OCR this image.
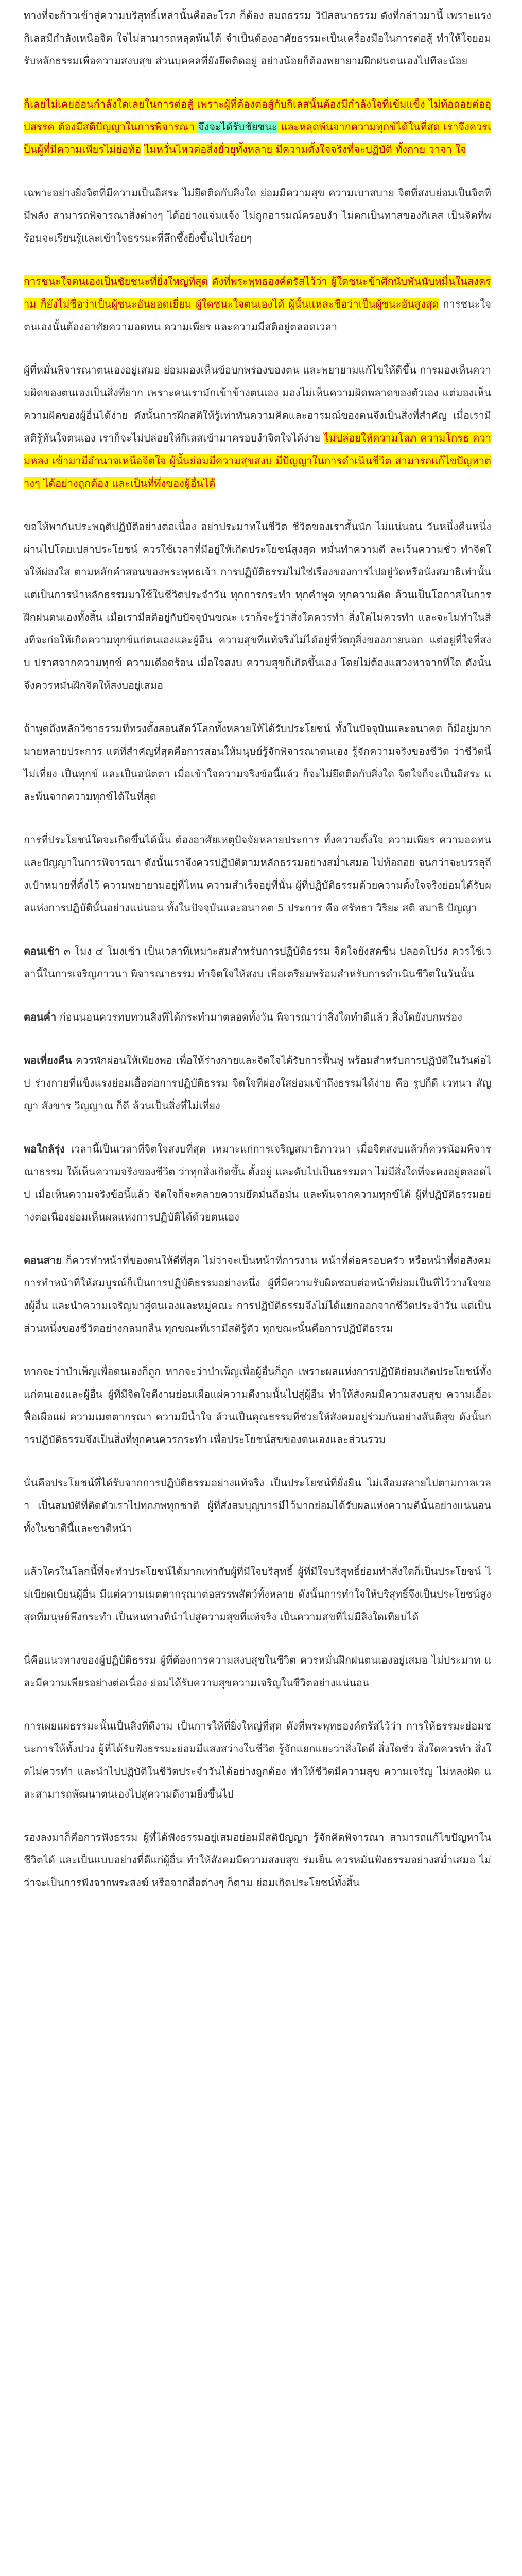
ทางที่จะก้าวเข้าสู่ความบริสุทธิ์เหล่านั้นคือละโรภ ก็ต้อง สมถธรรม วิปัสสนาธรรม ดังที่กล่าวมานี้ เพราะแรงกิเลสมีกำลังเหนือจิต ใจไม่สามารถหลุดพ้นได้ จำเป็นต้องอาศัยธรรมะเป็นเครื่องมือในการต่อสู้ ทำให้ใจยอมรับหลักธรรมเพื่อความสงบสุข ส่วนบุคคลที่ยังยึดติดอยู่ อย่างน้อยก็ต้องพยายามฝึกฝนตนเองไปทีละน้อย

ก็เลยไม่เคยอ่อนกำลังใดเลยในการต่อสู้ เพราะผู้ที่ต้องต่อสู้กับกิเลสนั้นต้องมีกำลังใจที่เข้มแข็ง ไม่ท้อถอยต่ออุปสรรค ต้องมีสติปัญญาในการพิจารณา จึงจะได้รับชัยชนะ และหลุดพ้นจากความทุกข์ได้ในที่สุด เราจึงควรเป็นผู้ที่มีความเพียรไม่ย่อท้อ ไม่หวั่นไหวต่อสิ่งยั่วยุทั้งหลาย มีความตั้งใจจริงที่จะปฏิบัติ ทั้งกาย วาจา ใจ

เฉพาะอย่างยิ่งจิตที่มีความเป็นอิสระ ไม่ยึดติดกับสิ่งใด ย่อมมีความสุข ความเบาสบาย จิตที่สงบย่อมเป็นจิตที่มีพลัง สามารถพิจารณาสิ่งต่างๆ ได้อย่างแจ่มแจ้ง ไม่ถูกอารมณ์ครอบงำ ไม่ตกเป็นทาสของกิเลส เป็นจิตที่พร้อมจะเรียนรู้และเข้าใจธรรมะที่ลึกซึ้งยิ่งขึ้นไปเรื่อยๆ

การชนะใจตนเองเป็นชัยชนะที่ยิ่งใหญ่ที่สุด ดังที่พระพุทธองค์ตรัสไว้ว่า ผู้ใดชนะข้าศึกนับพันนับหมื่นในสงคราม ก็ยังไม่ชื่อว่าเป็นผู้ชนะอันยอดเยี่ยม ผู้ใดชนะใจตนเองได้ ผู้นั้นแหละชื่อว่าเป็นผู้ชนะอันสูงสุด การชนะใจตนเองนั้นต้องอาศัยความอดทน ความเพียร และความมีสติอยู่ตลอดเวลา

ผู้ที่หมั่นพิจารณาตนเองอยู่เสมอ ย่อมมองเห็นข้อบกพร่องของตน และพยายามแก้ไขให้ดีขึ้น การมองเห็นความผิดของตนเองเป็นสิ่งที่ยาก เพราะคนเรามักเข้าข้างตนเอง มองไม่เห็นความผิดพลาดของตัวเอง แต่มองเห็นความผิดของผู้อื่นได้ง่าย ดังนั้นการฝึกสติให้รู้เท่าทันความคิดและอารมณ์ของตนจึงเป็นสิ่งที่สำคัญ เมื่อเรามีสติรู้ทันใจตนเอง เราก็จะไม่ปล่อยให้กิเลสเข้ามาครอบงำจิตใจได้ง่าย ไม่ปล่อยให้ความโลภ ความโกรธ ความหลง เข้ามามีอำนาจเหนือจิตใจ ผู้นั้นย่อมมีความสุขสงบ มีปัญญาในการดำเนินชีวิต สามารถแก้ไขปัญหาต่างๆ ได้อย่างถูกต้อง และเป็นที่พึ่งของผู้อื่นได้

ขอให้พากันประพฤติปฏิบัติอย่างต่อเนื่อง อย่าประมาทในชีวิต ชีวิตของเราสั้นนัก ไม่แน่นอน วันหนึ่งคืนหนึ่งผ่านไปโดยเปล่าประโยชน์ ควรใช้เวลาที่มีอยู่ให้เกิดประโยชน์สูงสุด หมั่นทำความดี ละเว้นความชั่ว ทำจิตใจให้ผ่องใส ตามหลักคำสอนของพระพุทธเจ้า การปฏิบัติธรรมไม่ใช่เรื่องของการไปอยู่วัดหรือนั่งสมาธิเท่านั้น แต่เป็นการนำหลักธรรมมาใช้ในชีวิตประจำวัน ทุกการกระทำ ทุกคำพูด ทุกความคิด ล้วนเป็นโอกาสในการฝึกฝนตนเองทั้งสิ้น เมื่อเรามีสติอยู่กับปัจจุบันขณะ เราก็จะรู้ว่าสิ่งใดควรทำ สิ่งใดไม่ควรทำ และจะไม่ทำในสิ่งที่จะก่อให้เกิดความทุกข์แก่ตนเองและผู้อื่น ความสุขที่แท้จริงไม่ได้อยู่ที่วัตถุสิ่งของภายนอก แต่อยู่ที่ใจที่สงบ ปราศจากความทุกข์ ความเดือดร้อน เมื่อใจสงบ ความสุขก็เกิดขึ้นเอง โดยไม่ต้องแสวงหาจากที่ใด ดังนั้นจึงควรหมั่นฝึกจิตให้สงบอยู่เสมอ

ถ้าพูดถึงหลักวิชาธรรมที่ทรงตั้งสอนสัตว์โลกทั้งหลายให้ได้รับประโยชน์ ทั้งในปัจจุบันและอนาคต ก็มีอยู่มากมายหลายประการ แต่ที่สำคัญที่สุดคือการสอนให้มนุษย์รู้จักพิจารณาตนเอง รู้จักความจริงของชีวิต ว่าชีวิตนี้ไม่เที่ยง เป็นทุกข์ และเป็นอนัตตา เมื่อเข้าใจความจริงข้อนี้แล้ว ก็จะไม่ยึดติดกับสิ่งใด จิตใจก็จะเป็นอิสระ และพ้นจากความทุกข์ได้ในที่สุด

การที่ประโยชน์ใดจะเกิดขึ้นได้นั้น ต้องอาศัยเหตุปัจจัยหลายประการ ทั้งความตั้งใจ ความเพียร ความอดทน และปัญญาในการพิจารณา ดังนั้นเราจึงควรปฏิบัติตามหลักธรรมอย่างสม่ำเสมอ ไม่ท้อถอย จนกว่าจะบรรลุถึงเป้าหมายที่ตั้งไว้ ความพยายามอยู่ที่ไหน ความสำเร็จอยู่ที่นั่น ผู้ที่ปฏิบัติธรรมด้วยความตั้งใจจริงย่อมได้รับผลแห่งการปฏิบัตินั้นอย่างแน่นอน ทั้งในปัจจุบันและอนาคต 5 ประการ คือ ศรัทธา วิริยะ สติ สมาธิ ปัญญา

ตอนเช้า ๓ โมง ๔ โมงเช้า เป็นเวลาที่เหมาะสมสำหรับการปฏิบัติธรรม จิตใจยังสดชื่น ปลอดโปร่ง ควรใช้เวลานี้ในการเจริญภาวนา พิจารณาธรรม ทำจิตใจให้สงบ เพื่อเตรียมพร้อมสำหรับการดำเนินชีวิตในวันนั้น

ตอนค่ำ ก่อนนอนควรทบทวนสิ่งที่ได้กระทำมาตลอดทั้งวัน พิจารณาว่าสิ่งใดทำดีแล้ว สิ่งใดยังบกพร่อง

พอเที่ยงคืน ควรพักผ่อนให้เพียงพอ เพื่อให้ร่างกายและจิตใจได้รับการฟื้นฟู พร้อมสำหรับการปฏิบัติในวันต่อไป ร่างกายที่แข็งแรงย่อมเอื้อต่อการปฏิบัติธรรม จิตใจที่ผ่องใสย่อมเข้าถึงธรรมได้ง่าย คือ รูปก็ดี เวทนา สัญญา สังขาร วิญญาณ ก็ดี ล้วนเป็นสิ่งที่ไม่เที่ยง

พอใกล้รุ่ง เวลานี้เป็นเวลาที่จิตใจสงบที่สุด เหมาะแก่การเจริญสมาธิภาวนา เมื่อจิตสงบแล้วก็ควรน้อมพิจารณาธรรม ให้เห็นความจริงของชีวิต ว่าทุกสิ่งเกิดขึ้น ตั้งอยู่ และดับไปเป็นธรรมดา ไม่มีสิ่งใดที่จะคงอยู่ตลอดไป เมื่อเห็นความจริงข้อนี้แล้ว จิตใจก็จะคลายความยึดมั่นถือมั่น และพ้นจากความทุกข์ได้ ผู้ที่ปฏิบัติธรรมอย่างต่อเนื่องย่อมเห็นผลแห่งการปฏิบัติได้ด้วยตนเอง

ตอนสาย ก็ควรทำหน้าที่ของตนให้ดีที่สุด ไม่ว่าจะเป็นหน้าที่การงาน หน้าที่ต่อครอบครัว หรือหน้าที่ต่อสังคม การทำหน้าที่ให้สมบูรณ์ก็เป็นการปฏิบัติธรรมอย่างหนึ่ง ผู้ที่มีความรับผิดชอบต่อหน้าที่ย่อมเป็นที่ไว้วางใจของผู้อื่น และนำความเจริญมาสู่ตนเองและหมู่คณะ การปฏิบัติธรรมจึงไม่ได้แยกออกจากชีวิตประจำวัน แต่เป็นส่วนหนึ่งของชีวิตอย่างกลมกลืน ทุกขณะที่เรามีสติรู้ตัว ทุกขณะนั้นคือการปฏิบัติธรรม

หากจะว่าบำเพ็ญเพื่อตนเองก็ถูก หากจะว่าบำเพ็ญเพื่อผู้อื่นก็ถูก เพราะผลแห่งการปฏิบัติย่อมเกิดประโยชน์ทั้งแก่ตนเองและผู้อื่น ผู้ที่มีจิตใจดีงามย่อมเผื่อแผ่ความดีงามนั้นไปสู่ผู้อื่น ทำให้สังคมมีความสงบสุข ความเอื้อเฟื้อเผื่อแผ่ ความเมตตากรุณา ความมีน้ำใจ ล้วนเป็นคุณธรรมที่ช่วยให้สังคมอยู่ร่วมกันอย่างสันติสุข ดังนั้นการปฏิบัติธรรมจึงเป็นสิ่งที่ทุกคนควรกระทำ เพื่อประโยชน์สุขของตนเองและส่วนรวม

นั่นคือประโยชน์ที่ได้รับจากการปฏิบัติธรรมอย่างแท้จริง เป็นประโยชน์ที่ยั่งยืน ไม่เสื่อมสลายไปตามกาลเวลา เป็นสมบัติที่ติดตัวเราไปทุกภพทุกชาติ ผู้ที่สั่งสมบุญบารมีไว้มากย่อมได้รับผลแห่งความดีนั้นอย่างแน่นอน ทั้งในชาตินี้และชาติหน้า

แล้วใครในโลกนี้ที่จะทำประโยชน์ได้มากเท่ากับผู้ที่มีใจบริสุทธิ์ ผู้ที่มีใจบริสุทธิ์ย่อมทำสิ่งใดก็เป็นประโยชน์ ไม่เบียดเบียนผู้อื่น มีแต่ความเมตตากรุณาต่อสรรพสัตว์ทั้งหลาย ดังนั้นการทำใจให้บริสุทธิ์จึงเป็นประโยชน์สูงสุดที่มนุษย์พึงกระทำ เป็นหนทางที่นำไปสู่ความสุขที่แท้จริง เป็นความสุขที่ไม่มีสิ่งใดเทียบได้

นี่คือแนวทางของผู้ปฏิบัติธรรม ผู้ที่ต้องการความสงบสุขในชีวิต ควรหมั่นฝึกฝนตนเองอยู่เสมอ ไม่ประมาท และมีความเพียรอย่างต่อเนื่อง ย่อมได้รับความสุขความเจริญในชีวิตอย่างแน่นอน

การเผยแผ่ธรรมะนั้นเป็นสิ่งที่ดีงาม เป็นการให้ที่ยิ่งใหญ่ที่สุด ดังที่พระพุทธองค์ตรัสไว้ว่า การให้ธรรมะย่อมชนะการให้ทั้งปวง ผู้ที่ได้รับฟังธรรมะย่อมมีแสงสว่างในชีวิต รู้จักแยกแยะว่าสิ่งใดดี สิ่งใดชั่ว สิ่งใดควรทำ สิ่งใดไม่ควรทำ และนำไปปฏิบัติในชีวิตประจำวันได้อย่างถูกต้อง ทำให้ชีวิตมีความสุข ความเจริญ ไม่หลงผิด และสามารถพัฒนาตนเองไปสู่ความดีงามยิ่งขึ้นไป

รองลงมาก็คือการฟังธรรม ผู้ที่ได้ฟังธรรมอยู่เสมอย่อมมีสติปัญญา รู้จักคิดพิจารณา สามารถแก้ไขปัญหาในชีวิตได้ และเป็นแบบอย่างที่ดีแก่ผู้อื่น ทำให้สังคมมีความสงบสุข ร่มเย็น ควรหมั่นฟังธรรมอย่างสม่ำเสมอ ไม่ว่าจะเป็นการฟังจากพระสงฆ์ หรือจากสื่อต่างๆ ก็ตาม ย่อมเกิดประโยชน์ทั้งสิ้น
